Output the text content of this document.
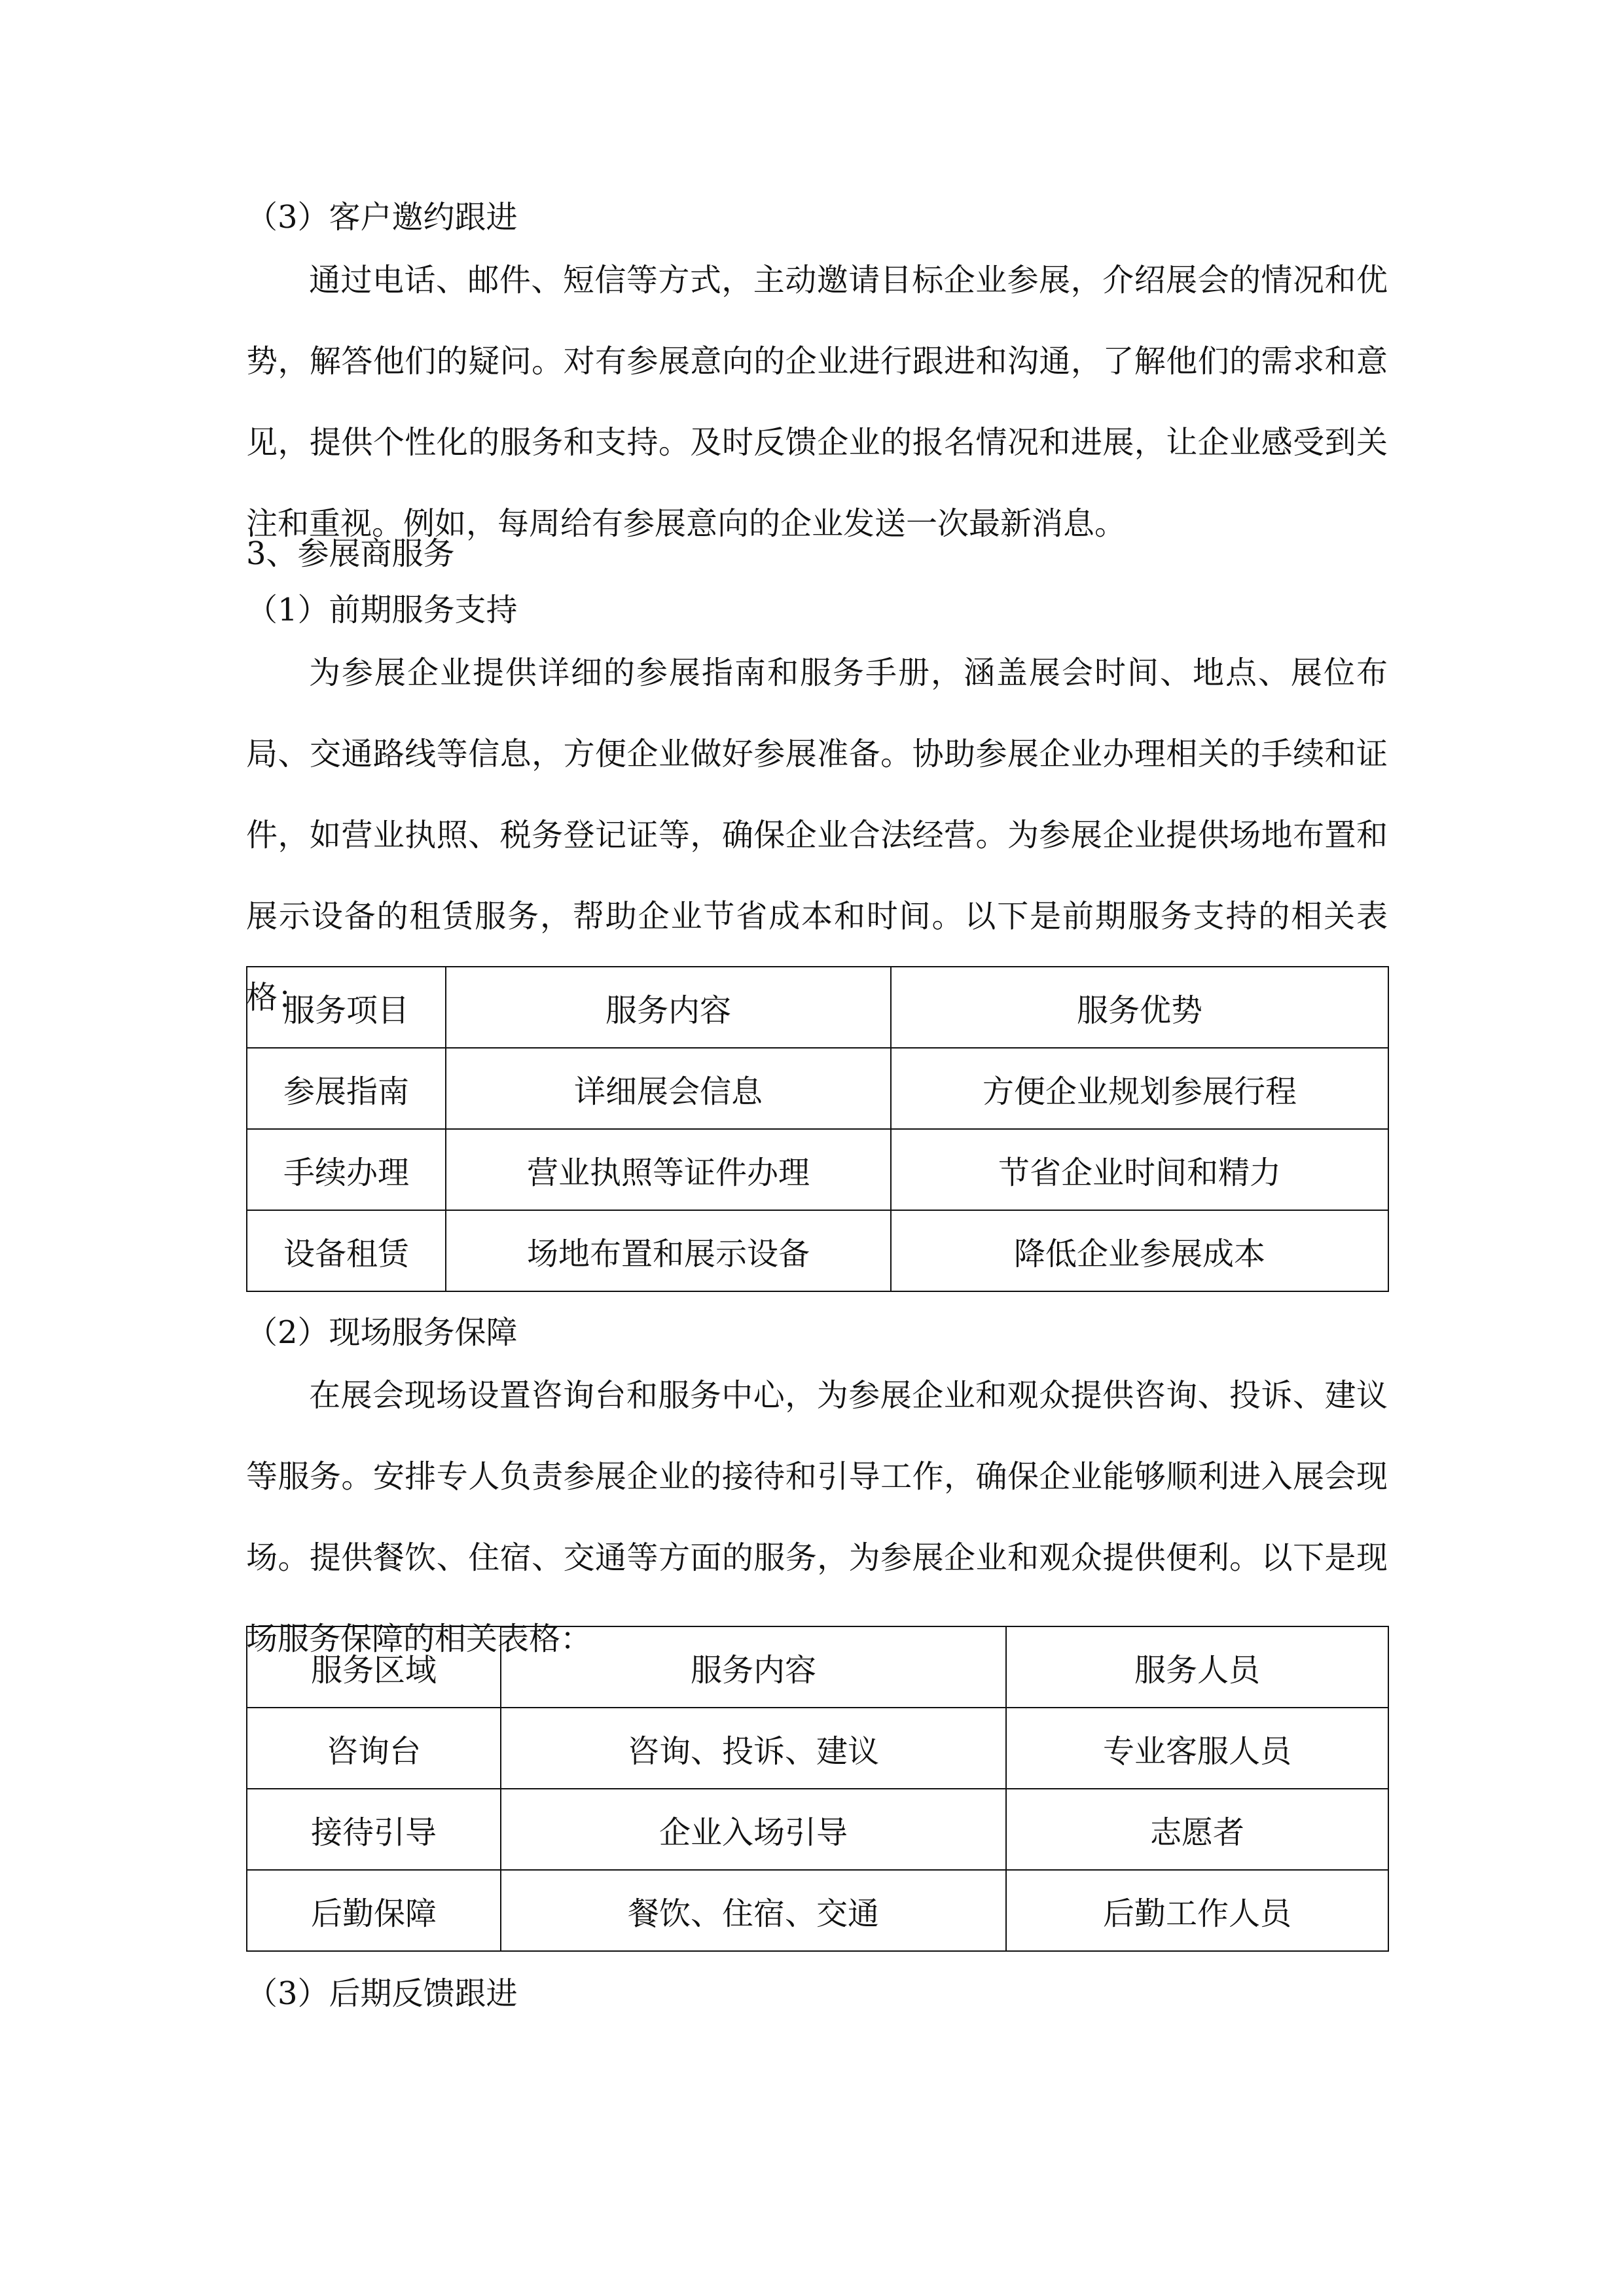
（3）客户邀约跟进

通过电话、邮件、短信等方式，主动邀请目标企业参展，介绍展会的情况和优势，解答他们的疑问。对有参展意向的企业进行跟进和沟通，了解他们的需求和意见，提供个性化的服务和支持。及时反馈企业的报名情况和进展，让企业感受到关注和重视。例如，每周给有参展意向的企业发送一次最新消息。

3、参展商服务

（1）前期服务支持

为参展企业提供详细的参展指南和服务手册，涵盖展会时间、地点、展位布局、交通路线等信息，方便企业做好参展准备。协助参展企业办理相关的手续和证件，如营业执照、税务登记证等，确保企业合法经营。为参展企业提供场地布置和展示设备的租赁服务，帮助企业节省成本和时间。以下是前期服务支持的相关表格：

服务项目	服务内容	服务优势
参展指南	详细展会信息	方便企业规划参展行程
手续办理	营业执照等证件办理	节省企业时间和精力
设备租赁	场地布置和展示设备	降低企业参展成本

（2）现场服务保障

在展会现场设置咨询台和服务中心，为参展企业和观众提供咨询、投诉、建议等服务。安排专人负责参展企业的接待和引导工作，确保企业能够顺利进入展会现场。提供餐饮、住宿、交通等方面的服务，为参展企业和观众提供便利。以下是现场服务保障的相关表格：

服务区域	服务内容	服务人员
咨询台	咨询、投诉、建议	专业客服人员
接待引导	企业入场引导	志愿者
后勤保障	餐饮、住宿、交通	后勤工作人员

（3）后期反馈跟进
